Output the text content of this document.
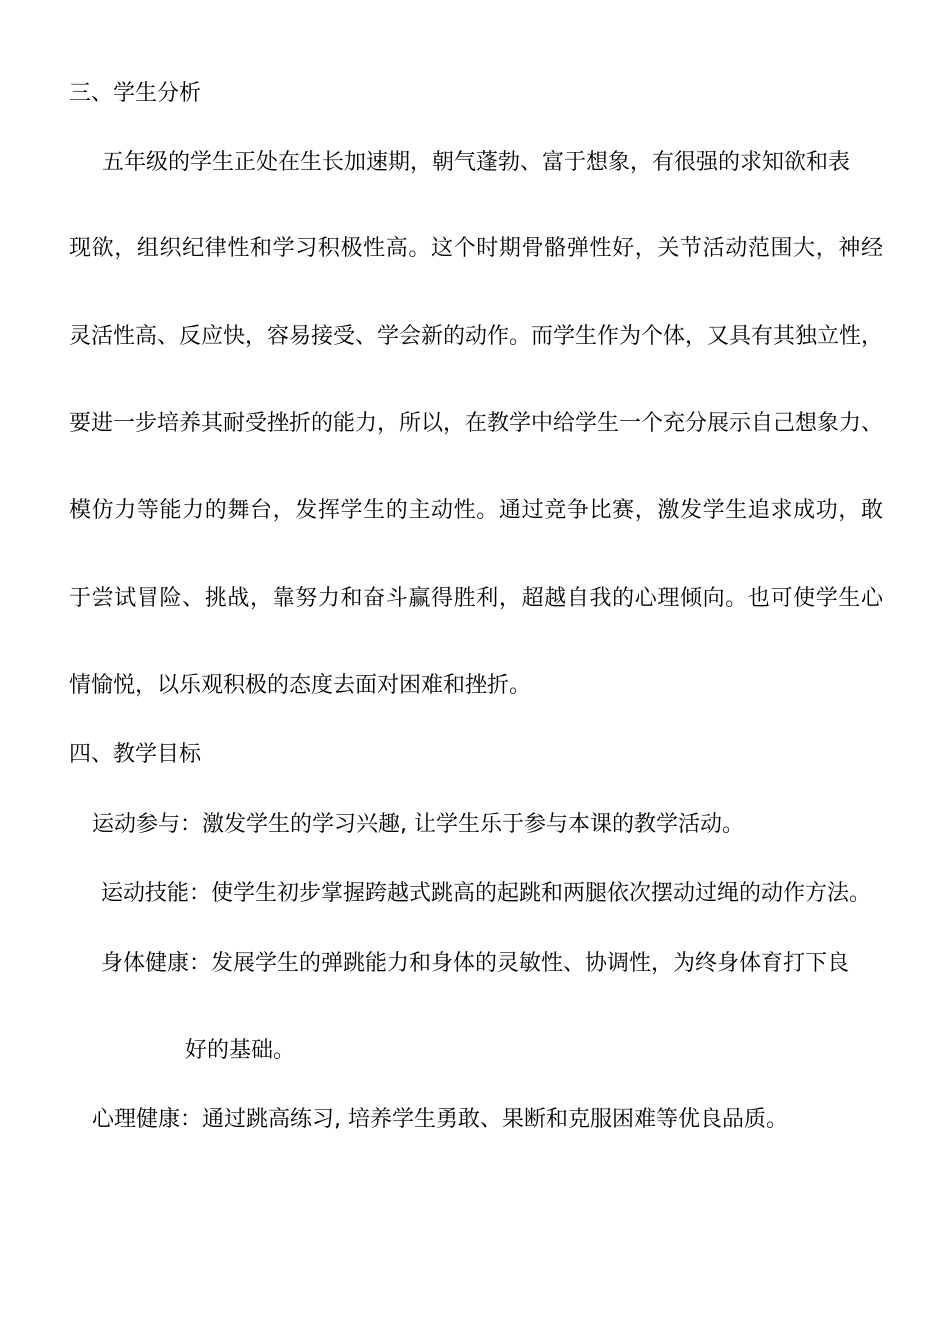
三、学生分析
五年级的学生正处在生长加速期，朝气蓬勃、富于想象，有很强的求知欲和表
现欲，组织纪律性和学习积极性高。这个时期骨骼弹性好，关节活动范围大，神经
灵活性高、反应快，容易接受、学会新的动作。而学生作为个体，又具有其独立性，
要进一步培养其耐受挫折的能力，所以，在教学中给学生一个充分展示自己想象力、
模仿力等能力的舞台，发挥学生的主动性。通过竞争比赛，激发学生追求成功，敢
于尝试冒险、挑战，靠努力和奋斗赢得胜利，超越自我的心理倾向。也可使学生心
情愉悦，以乐观积极的态度去面对困难和挫折。
四、教学目标
运动参与：激发学生的学习兴趣, 让学生乐于参与本课的教学活动。
运动技能：使学生初步掌握跨越式跳高的起跳和两腿依次摆动过绳的动作方法。
身体健康：发展学生的弹跳能力和身体的灵敏性、协调性，为终身体育打下良
好的基础。
心理健康：通过跳高练习, 培养学生勇敢、果断和克服困难等优良品质。
